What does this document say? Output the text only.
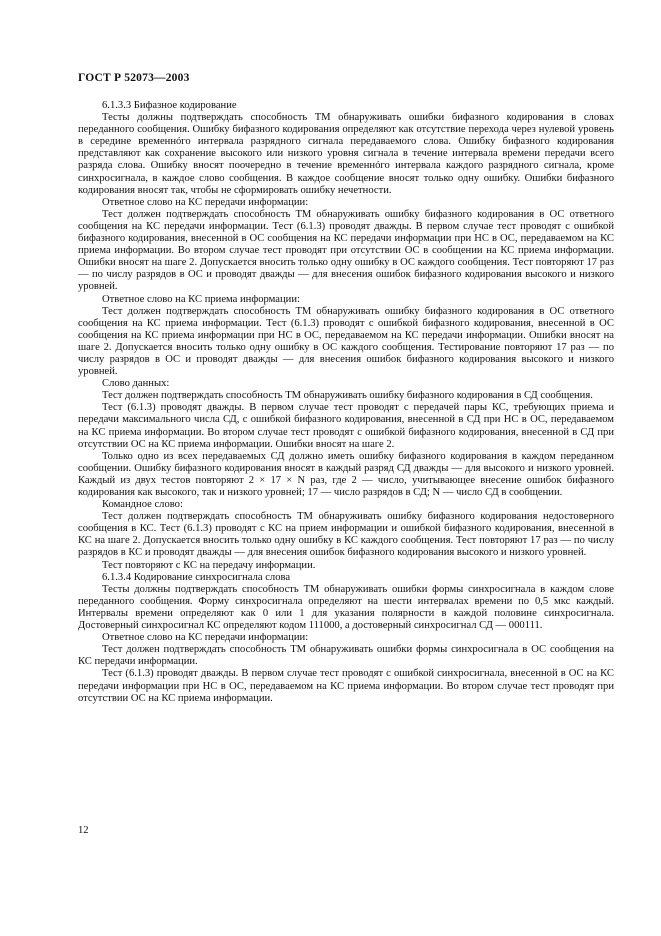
ГОСТ Р 52073—2003

6.1.3.3 Бифазное кодирование

Тесты должны подтверждать способность ТМ обнаруживать ошибки бифазного кодирования в словах переданного сообщения. Ошибку бифазного кодирования определяют как отсутствие перехода через нулевой уровень в середине временнóго интервала разрядного сигнала передаваемого слова. Ошибку бифазного кодирования представляют как сохранение высокого или низкого уровня сигнала в течение интервала времени передачи всего разряда слова. Ошибку вносят поочередно в течение временнóго интервала каждого разрядного сигнала, кроме синхросигнала, в каждое слово сообщения. В каждое сообщение вносят только одну ошибку. Ошибки бифазного кодирования вносят так, чтобы не сформировать ошибку нечетности.

Ответное слово на КС передачи информации:

Тест должен подтверждать способность ТМ обнаруживать ошибку бифазного кодирования в ОС ответного сообщения на КС передачи информации. Тест (6.1.3) проводят дважды. В первом случае тест проводят с ошибкой бифазного кодирования, внесенной в ОС сообщения на КС передачи информации при НС в ОС, передаваемом на КС приема информации. Во втором случае тест проводят при отсутствии ОС в сообщении на КС приема информации. Ошибки вносят на шаге 2. Допускается вносить только одну ошибку в ОС каждого сообщения. Тест повторяют 17 раз — по числу разрядов в ОС и проводят дважды — для внесения ошибок бифазного кодирования высокого и низкого уровней.

Ответное слово на КС приема информации:

Тест должен подтверждать способность ТМ обнаруживать ошибку бифазного кодирования в ОС ответного сообщения на КС приема информации. Тест (6.1.3) проводят с ошибкой бифазного кодирования, внесенной в ОС сообщения на КС приема информации при НС в ОС, передаваемом на КС передачи информации. Ошибки вносят на шаге 2. Допускается вносить только одну ошибку в ОС каждого сообщения. Тестирование повторяют 17 раз — по числу разрядов в ОС и проводят дважды — для внесения ошибок бифазного кодирования высокого и низкого уровней.

Слово данных:

Тест должен подтверждать способность ТМ обнаруживать ошибку бифазного кодирования в СД сообщения.

Тест (6.1.3) проводят дважды. В первом случае тест проводят с передачей пары КС, требующих приема и передачи максимального числа СД, с ошибкой бифазного кодирования, внесенной в СД при НС в ОС, передаваемом на КС приема информации. Во втором случае тест проводят с ошибкой бифазного кодирования, внесенной в СД при отсутствии ОС на КС приема информации. Ошибки вносят на шаге 2.

Только одно из всех передаваемых СД должно иметь ошибку бифазного кодирования в каждом переданном сообщении. Ошибку бифазного кодирования вносят в каждый разряд СД дважды — для высокого и низкого уровней. Каждый из двух тестов повторяют 2 × 17 × N раз, где 2 — число, учитывающее внесение ошибок бифазного кодирования как высокого, так и низкого уровней; 17 — число разрядов в СД; N — число СД в сообщении.

Командное слово:

Тест должен подтверждать способность ТМ обнаруживать ошибку бифазного кодирования недостоверного сообщения в КС. Тест (6.1.3) проводят с КС на прием информации и ошибкой бифазного кодирования, внесенной в КС на шаге 2. Допускается вносить только одну ошибку в КС каждого сообщения. Тест повторяют 17 раз — по числу разрядов в КС и проводят дважды — для внесения ошибок бифазного кодирования высокого и низкого уровней.

Тест повторяют с КС на передачу информации.

6.1.3.4 Кодирование синхросигнала слова

Тесты должны подтверждать способность ТМ обнаруживать ошибки формы синхросигнала в каждом слове переданного сообщения. Форму синхросигнала определяют на шести интервалах времени по 0,5 мкс каждый. Интервалы времени определяют как 0 или 1 для указания полярности в каждой половине синхросигнала. Достоверный синхросигнал КС определяют кодом 111000, а достоверный синхросигнал СД — 000111.

Ответное слово на КС передачи информации:

Тест должен подтверждать способность ТМ обнаруживать ошибки формы синхросигнала в ОС сообщения на КС передачи информации.

Тест (6.1.3) проводят дважды. В первом случае тест проводят с ошибкой синхросигнала, внесенной в ОС на КС передачи информации при НС в ОС, передаваемом на КС приема информации. Во втором случае тест проводят при отсутствии ОС на КС приема информации.

12
